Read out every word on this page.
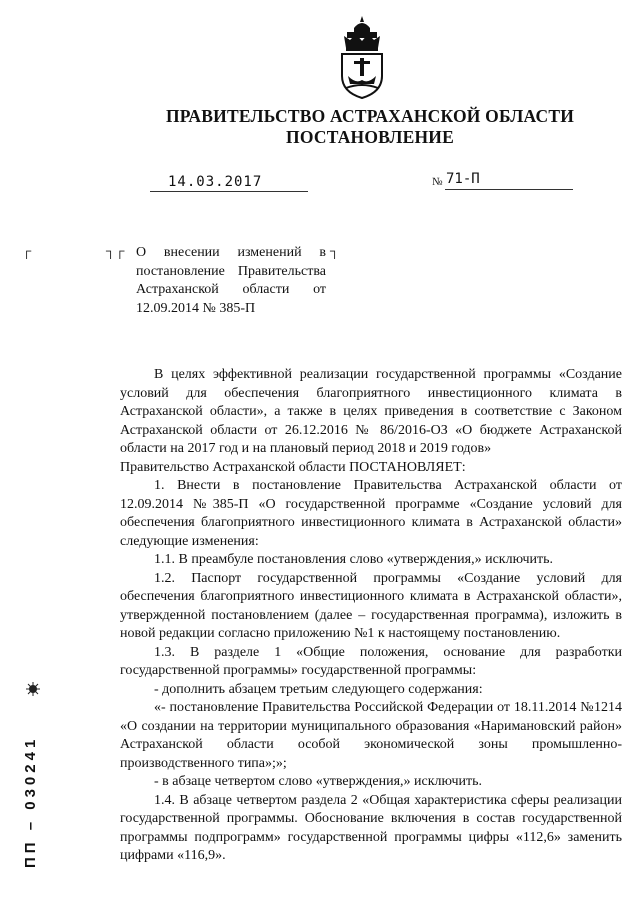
ПРАВИТЕЛЬСТВО АСТРАХАНСКОЙ ОБЛАСТИ
ПОСТАНОВЛЕНИЕ
14.03.2017	№ 71-П
┌	┐┌	┐
О внесении изменений в постановление Правительства Астраханской области от 12.09.2014 № 385-П

В целях эффективной реализации государственной программы «Создание условий для обеспечения благоприятного инвестиционного климата в Астраханской области», а также в целях приведения в соответствие с Законом Астраханской области от 26.12.2016 № 86/2016-ОЗ «О бюджете Астраханской области на 2017 год и на плановый период 2018 и 2019 годов»

Правительство Астраханской области ПОСТАНОВЛЯЕТ:

1. Внести в постановление Правительства Астраханской области от 12.09.2014 №385-П «О государственной программе «Создание условий для обеспечения благоприятного инвестиционного климата в Астраханской области» следующие изменения:

1.1. В преамбуле постановления слово «утверждения,» исключить.

1.2. Паспорт государственной программы «Создание условий для обеспечения благоприятного инвестиционного климата в Астраханской области», утвержденной постановлением (далее – государственная программа), изложить в новой редакции согласно приложению №1 к настоящему постановлению.

1.3. В разделе 1 «Общие положения, основание для разработки государственной программы» государственной программы:

- дополнить абзацем третьим следующего содержания:

«- постановление Правительства Российской Федерации от 18.11.2014 №1214 «О создании на территории муниципального образования «Наримановский район» Астраханской области особой экономической зоны промышленно-производственного типа»;»;

- в абзаце четвертом слово «утверждения,» исключить.

1.4. В абзаце четвертом раздела 2 «Общая характеристика сферы реализации государственной программы. Обоснование включения в состав государственной программы подпрограмм» государственной программы цифры «112,6» заменить цифрами «116,9».

ПП – 030241
